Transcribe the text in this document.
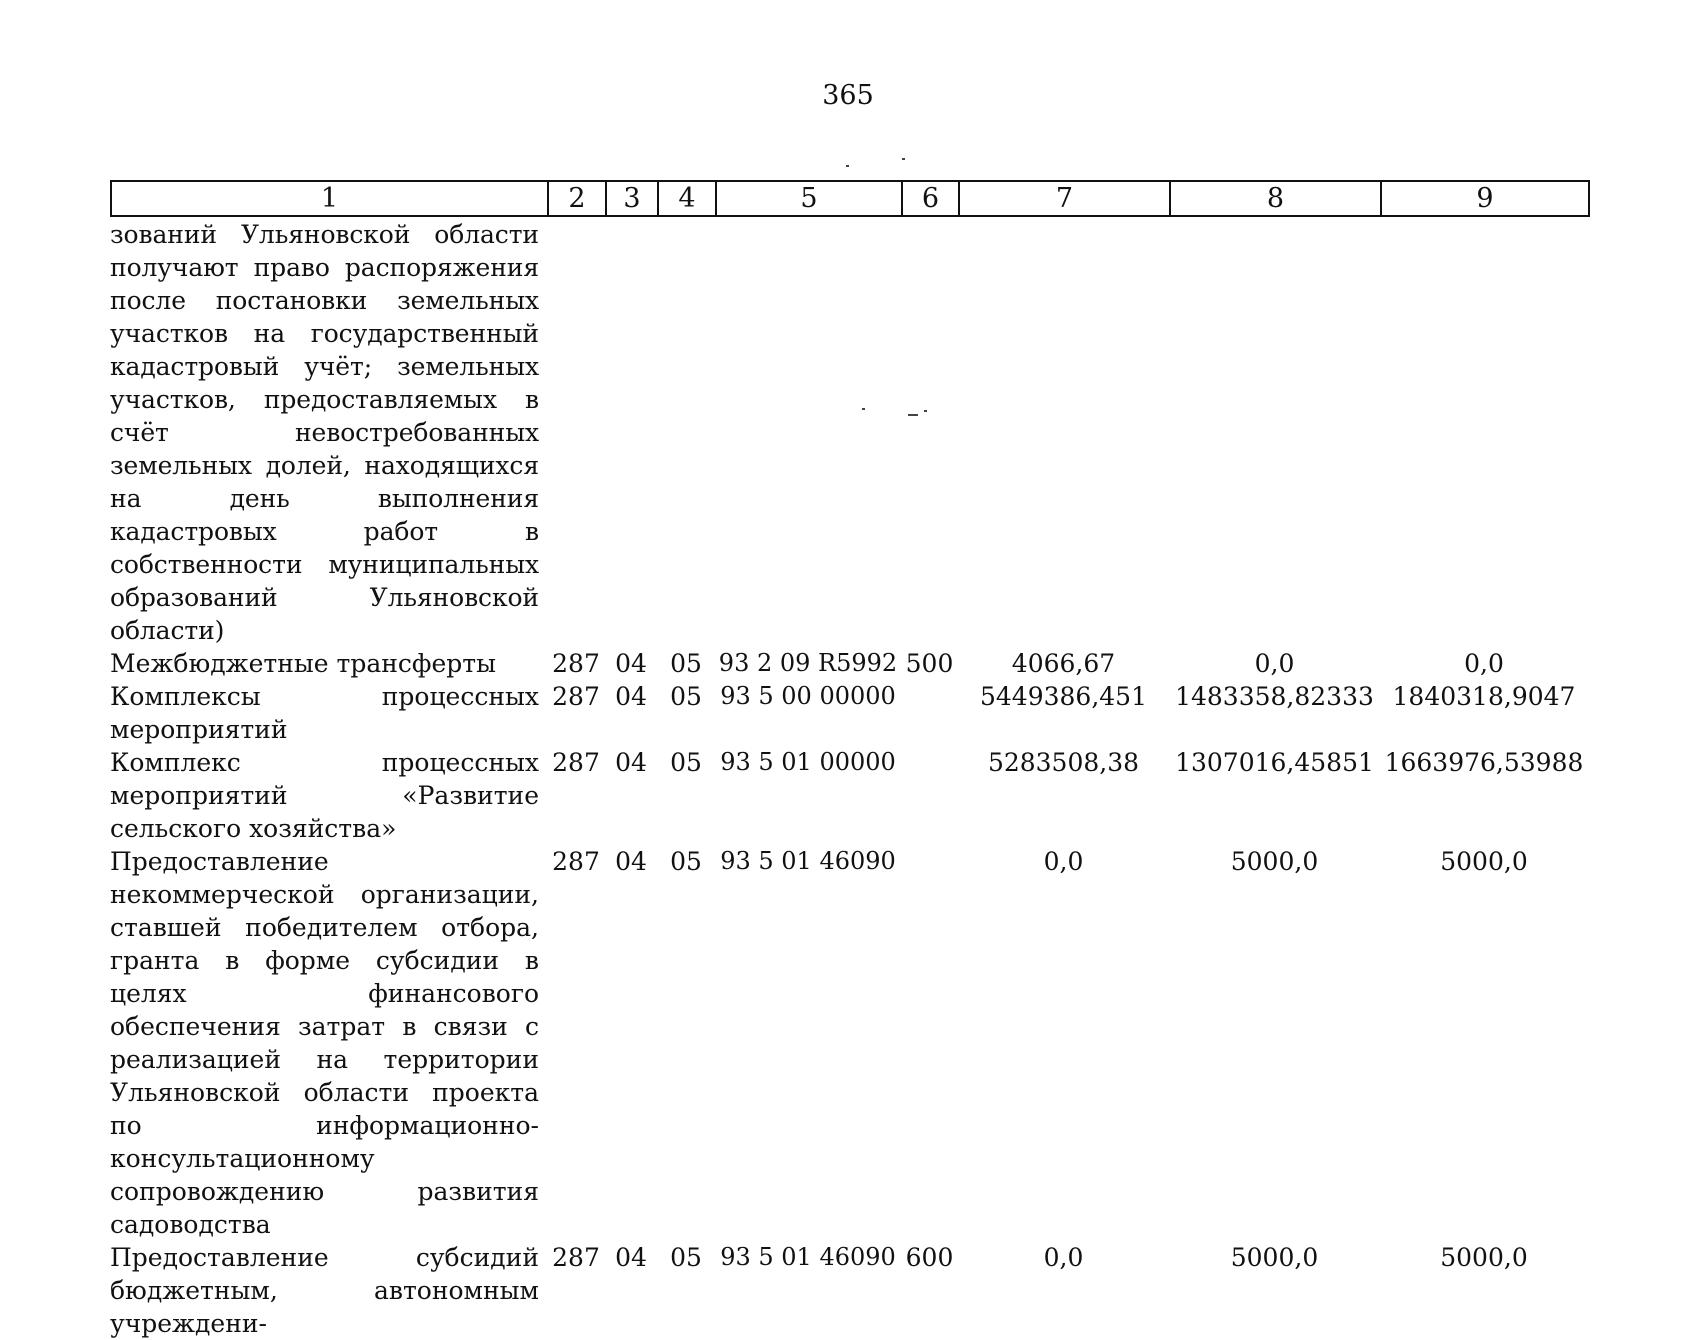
365
1	2	3	4	5	6	7	8	9
зований Ульяновской области получают право распоряжения после постановки земельных участков на государственный кадастровый учёт; земельных участков, предоставляемых в счёт невостребованных земельных долей, находящихся на день выполнения кадастровых работ в собственности муниципальных образований Ульяновской области)								
Межбюджетные трансферты	287	04	05	93 2 09 R5992	500	4066,67	0,0	0,0
Комплексы процессных мероприятий	287	04	05	93 5 00 00000		5449386,451	1483358,82333	1840318,9047
Комплекс процессных мероприятий «Развитие сельского хозяйства»	287	04	05	93 5 01 00000		5283508,38	1307016,45851	1663976,53988
Предоставление некоммерческой организации, ставшей победителем отбора, гранта в форме субсидии в целях финансового обеспечения затрат в связи с реализацией на территории Ульяновской области проекта по информационно-консультационному сопровождению развития садоводства	287	04	05	93 5 01 46090		0,0	5000,0	5000,0
Предоставление субсидий бюджетным, автономным учреждени-	287	04	05	93 5 01 46090	600	0,0	5000,0	5000,0
